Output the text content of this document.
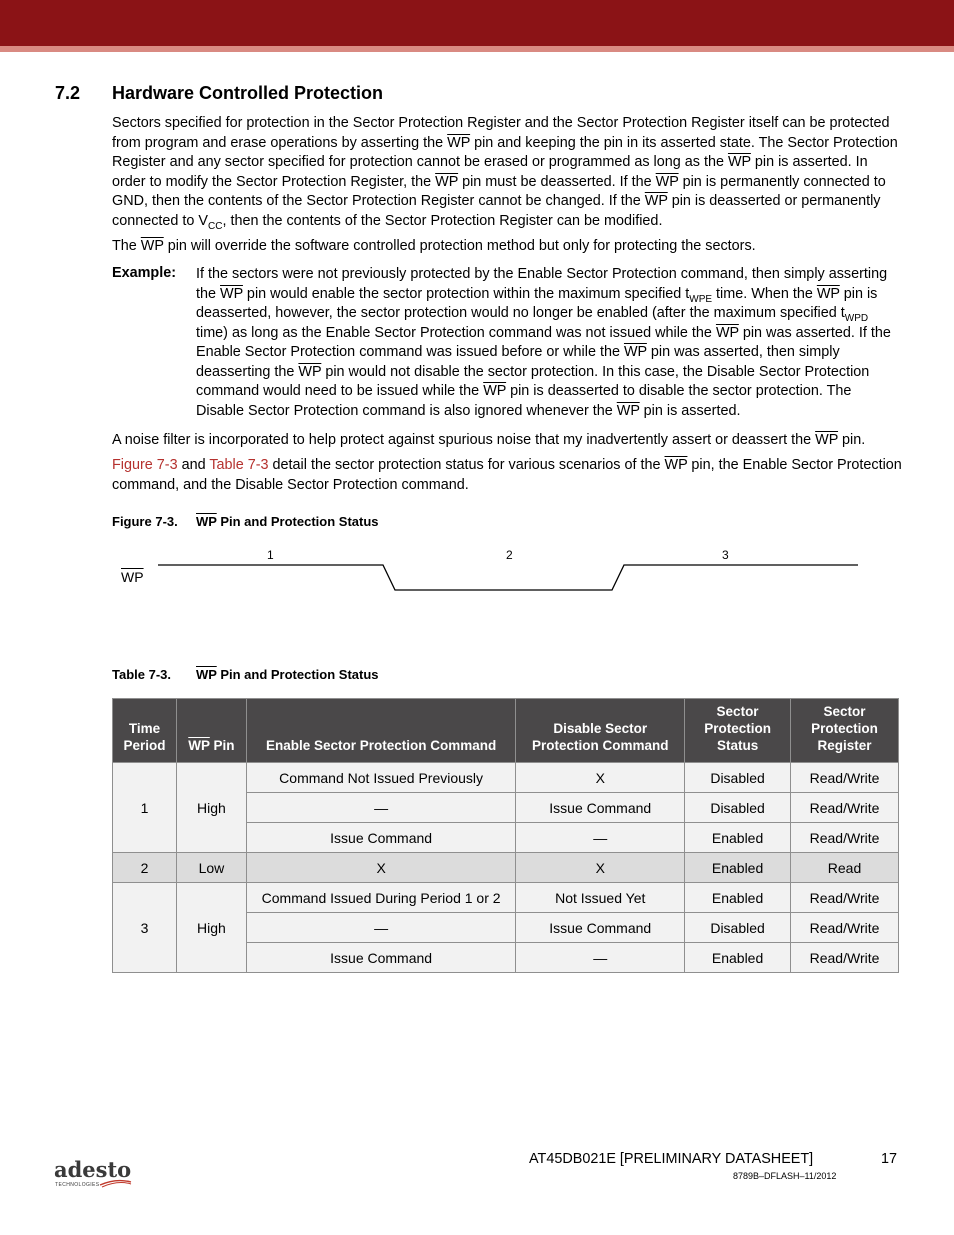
7.2 Hardware Controlled Protection

Sectors specified for protection in the Sector Protection Register and the Sector Protection Register itself can be protected from program and erase operations by asserting the $\overline{WP}$ pin and keeping the pin in its asserted state. The Sector Protection Register and any sector specified for protection cannot be erased or programmed as long as the $\overline{WP}$ pin is asserted. In order to modify the Sector Protection Register, the $\overline{WP}$ pin must be deasserted. If the $\overline{WP}$ pin is permanently connected to GND, then the contents of the Sector Protection Register cannot be changed. If the $\overline{WP}$ pin is deasserted or permanently connected to $V_{CC}$, then the contents of the Sector Protection Register can be modified.

The $\overline{WP}$ pin will override the software controlled protection method but only for protecting the sectors.

Example: If the sectors were not previously protected by the Enable Sector Protection command, then simply asserting the $\overline{WP}$ pin would enable the sector protection within the maximum specified $t_{WPE}$ time. When the $\overline{WP}$ pin is deasserted, however, the sector protection would no longer be enabled (after the maximum specified $t_{WPD}$ time) as long as the Enable Sector Protection command was not issued while the $\overline{WP}$ pin was asserted. If the Enable Sector Protection command was issued before or while the $\overline{WP}$ pin was asserted, then simply deasserting the $\overline{WP}$ pin would not disable the sector protection. In this case, the Disable Sector Protection command would need to be issued while the $\overline{WP}$ pin is deasserted to disable the sector protection. The Disable Sector Protection command is also ignored whenever the $\overline{WP}$ pin is asserted.

A noise filter is incorporated to help protect against spurious noise that my inadvertently assert or deassert the $\overline{WP}$ pin.

Figure 7-3 and Table 7-3 detail the sector protection status for various scenarios of the $\overline{WP}$ pin, the Enable Sector Protection command, and the Disable Sector Protection command.

Figure 7-3. $\overline{WP}$ Pin and Protection Status
1	2	3
$\overline{WP}$
Table 7-3. $\overline{WP}$ Pin and Protection Status
Time Period	$\overline{WP}$ Pin	Enable Sector Protection Command	Disable Sector Protection Command	Sector Protection Status	Sector Protection Register
1	High	Command Not Issued Previously	X	Disabled	Read/Write
		—	Issue Command	Disabled	Read/Write
		Issue Command	—	Enabled	Read/Write
2	Low	X	X	Enabled	Read
3	High	Command Issued During Period 1 or 2	Not Issued Yet	Enabled	Read/Write
		—	Issue Command	Disabled	Read/Write
		Issue Command	—	Enabled	Read/Write
adesto
TECHNOLOGIES
AT45DB021E [PRELIMINARY DATASHEET]	17
8789B–DFLASH–11/2012
